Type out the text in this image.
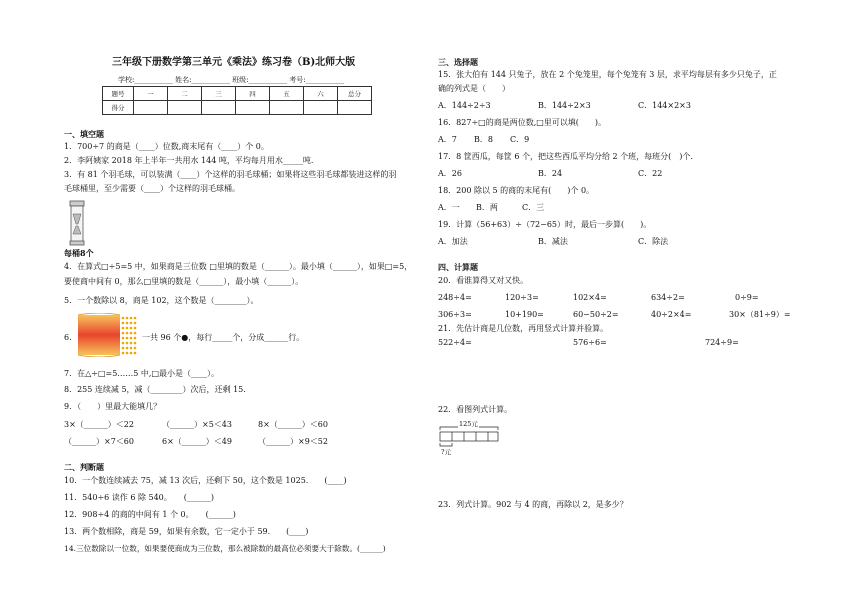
三年级下册数学第三单元《乘法》练习卷（B)北师大版
学校:___________ 姓名:___________ 班级:___________ 考号:___________
题号	一	二	三	四	五	六	总分
得分							
一、填空题
1．700÷7 的商是（____）位数,商末尾有（____）个 0。
2．李阿姨家 2018 年上半年一共用水 144 吨，平均每月用水_____吨.
3．有 81 个羽毛球，可以装满（____）个这样的羽毛球桶；如果将这些羽毛球都装进这样的羽
毛球桶里，至少需要（____）个这样的羽毛球桶。
每桶8个
4．在算式□÷5=5 中，如果商是三位数 □里填的数是（______）。最小填（______），如果□=5，
要使商中间有 0，那么□里填的数是（______），最小填（______）。
5．一个数除以 8，商是 102，这个数是（________）。
6.	一共 96 个●，每行_____个，分成______行。
7．在△÷□=5……5 中,□最小是（____）。
8．255 连续减 5，减（________）次后，还剩 15.
9．（　　）里最大能填几？
3×（______）＜22	（______）×5＜43	8×（______）＜60
（______）×7＜60	6×（______）＜49	（______）×9＜52
二、判断题
10．一个数连续减去 75，减 13 次后，还剩下 50，这个数是 1025.　　(____)
11．540÷6 读作 6 除 540。　　(______)
12．908÷4 的商的中间有 1 个 0。　　(______)
13．两个数相除，商是 59，如果有余数，它一定小于 59.　　(____)
14.三位数除以一位数，如果要使商成为三位数，那么被除数的最高位必须要大于除数。(______)
三、选择题
15．张大伯有 144 只兔子，放在 2 个兔笼里，每个兔笼有 3 层，求平均每层有多少只兔子，正
确的列式是（　　）
A．144÷2÷3	B．144÷2×3	C．144×2×3
16．827÷□的商是两位数,□里可以填(　　)。
A．7 B．8 C．9
17．8 筐西瓜，每筐 6 个，把这些西瓜平均分给 2 个班，每班分(　)个.
A．26	B．24	C．22
18．200 除以 5 的商的末尾有(　　)个 0。
A．一 B．两	C．三
19．计算（56+63）÷（72−65）时，最后一步算(　　)。
A．加法	B．减法	C．除法
四、计算题
20．看谁算得又对又快。
248÷4=	120÷3=	102×4=	634÷2=	0÷9=
306÷3=	10+190=	60−50÷2=	40÷2×4=	30×（81÷9）=
21．先估计商是几位数，再用竖式计算并验算。
522÷4=	576÷6=	724÷9=
22．看图列式计算。
125元
?元
23．列式计算。902 与 4 的商，再除以 2，是多少？
